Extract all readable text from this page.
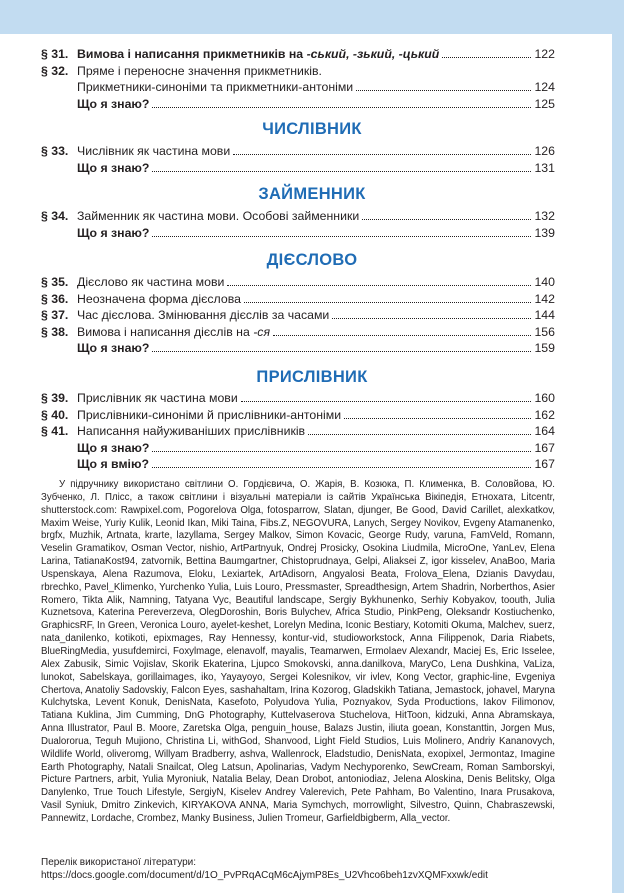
§ 31. Вимова і написання прикметників на -ський, -зький, -цький	122
§ 32. Пряме і переносне значення прикметників.
Прикметники-синоніми та прикметники-антоніми	124
Що я знаю?	125
ЧИСЛІВНИК
§ 33. Числівник як частина мови	126
Що я знаю?	131
ЗАЙМЕННИК
§ 34. Займенник як частина мови. Особові займенники	132
Що я знаю?	139
ДІЄСЛОВО
§ 35. Дієслово як частина мови	140
§ 36. Неозначена форма дієслова	142
§ 37. Час дієслова. Змінювання дієслів за часами	144
§ 38. Вимова і написання дієслів на -ся	156
Що я знаю?	159
ПРИСЛІВНИК
§ 39. Прислівник як частина мови	160
§ 40. Прислівники-синоніми й прислівники-антоніми	162
§ 41. Написання найуживаніших прислівників	164
Що я знаю?	167
Що я вмію?	167

У підручнику використано світлини О. Гордієвича, О. Жарія, В. Козюка, П. Клименка, В. Соловйова, Ю. Зубченко, Л. Плісс, а також світлини і візуальні матеріали із сайтів Українська Вікіпедія, Етноxата, Litcentr, shutterstock.com: Rawpixel.com, Pogorelova Olga, fotosparrow, Slatan, djunger, Be Good, David Carillet, alexkatkov, Maxim Weise, Yuriy Kulik, Leonid Ikan, Miki Taina, Fibs.Z, NEGOVURA, Lanych, Sergey Novikov, Evgeny Atamanenko, brgfx, Muzhik, Artnata, krarte, lazyllama, Sergey Malkov, Simon Kovacic, George Rudy, varuna, FamVeld, Romann, Veselin Gramatikov, Osman Vector, nishio, ArtPartnyuk, Ondrej Prosicky, Osokina Liudmila, MicroOne, YanLev, Elena Larina, TatianaKost94, zatvornik, Bettina Baumgartner, Chistoprudnaya, Gelpi, Aliaksei Z, igor kisselev, AnaBoo, Maria Uspenskaya, Alena Razumova, Eloku, Lexiartek, ArtAdisorn, Angyalosi Beata, Frolova_Elena, Dzianis Davydau, rbrechko, Pavel_Klimenko, Yurchenko Yulia, Luis Louro, Pressmaster, Spreadthesign, Artem Shadrin, Norberthos, Asier Romero, Tikta Alik, Namning, Tatyana Vyc, Beautiful landscape, Sergiy Bykhunenko, Serhiy Kobyakov, toouth, Julia Kuznetsova, Katerina Pereverzeva, OlegDoroshin, Boris Bulychev, Africa Studio, PinkPeng, Oleksandr Kostiuchenko, GraphicsRF, In Green, Veronica Louro, ayelet-keshet, Lorelyn Medina, Iconic Bestiary, Kotomiti Okuma, Malchev, suerz, nata_danilenko, kotikoti, epixmages, Ray Hennessy, kontur-vid, studioworkstock, Anna Filippenok, Daria Riabets, BlueRingMedia, yusufdemirci, Foxylmage, elenavolf, mayalis, Teamarwen, Ermolaev Alexandr, Maciej Es, Eric Isselee, Alex Zabusik, Simic Vojislav, Skorik Ekaterina, Ljupco Smokovski, anna.danilkova, MaryCo, Lena Dushkina, VaLiza, lunokot, Sabelskaya, gorillaimages, iko, Yayayoyo, Sergei Kolesnikov, vir ivlev, Kong Vector, graphic-line, Evgeniya Chertova, Anatoliy Sadovskiy, Falcon Eyes, sashahaltam, Irina Kozorog, Gladskikh Tatiana, Jemastock, johavel, Maryna Kulchytska, Levent Konuk, DenisNata, Kasefoto, Polyudova Yulia, Poznyakov, Syda Productions, Iakov Filimonov, Tatiana Kuklina, Jim Cumming, DnG Photography, Kuttelvaserova Stuchelova, HitToon, kidzuki, Anna Abramskaya, Anna Illustrator, Paul B. Moore, Zaretska Olga, penguin_house, Balazs Justin, iliuta goean, Konstanttin, Jorgen Mus, Dualororua, Teguh Mujiono, Christina Li, withGod, Shanvood, Light Field Studios, Luis Molinero, Andriy Kananovych, Wildlife World, oliveromg, Willyam Bradberry, ashva, Wallenrock, Eladstudio, DenisNata, exopixel, Jermontaz, Imagine Earth Photography, Natali Snailcat, Oleg Latsun, Apolinarias, Vadym Nechyporenko, SewCream, Roman Samborskyi, Picture Partners, arbit, Yulia Myroniuk, Natalia Belay, Dean Drobot, antoniodiaz, Jelena Aloskina, Denis Belitsky, Olga Danylenko, True Touch Lifestyle, SergiyN, Kiselev Andrey Valerevich, Pete Pahham, Bo Valentino, Inara Prusakova, Vasil Syniuk, Dmitro Zinkevich, KIRYAKOVA ANNA, Maria Symchych, morrowlight, Silvestro, Quinn, Chabraszewski, Pannewitz, Lordache, Crombez, Manky Business, Julien Tromeur, Garfieldbigberm, Alla_vector.

Перелік використаної літератури:
https://docs.google.com/document/d/1O_PvPRqACqM6cAjymP8Es_U2Vhco6beh1zvXQMFxxwk/edit
